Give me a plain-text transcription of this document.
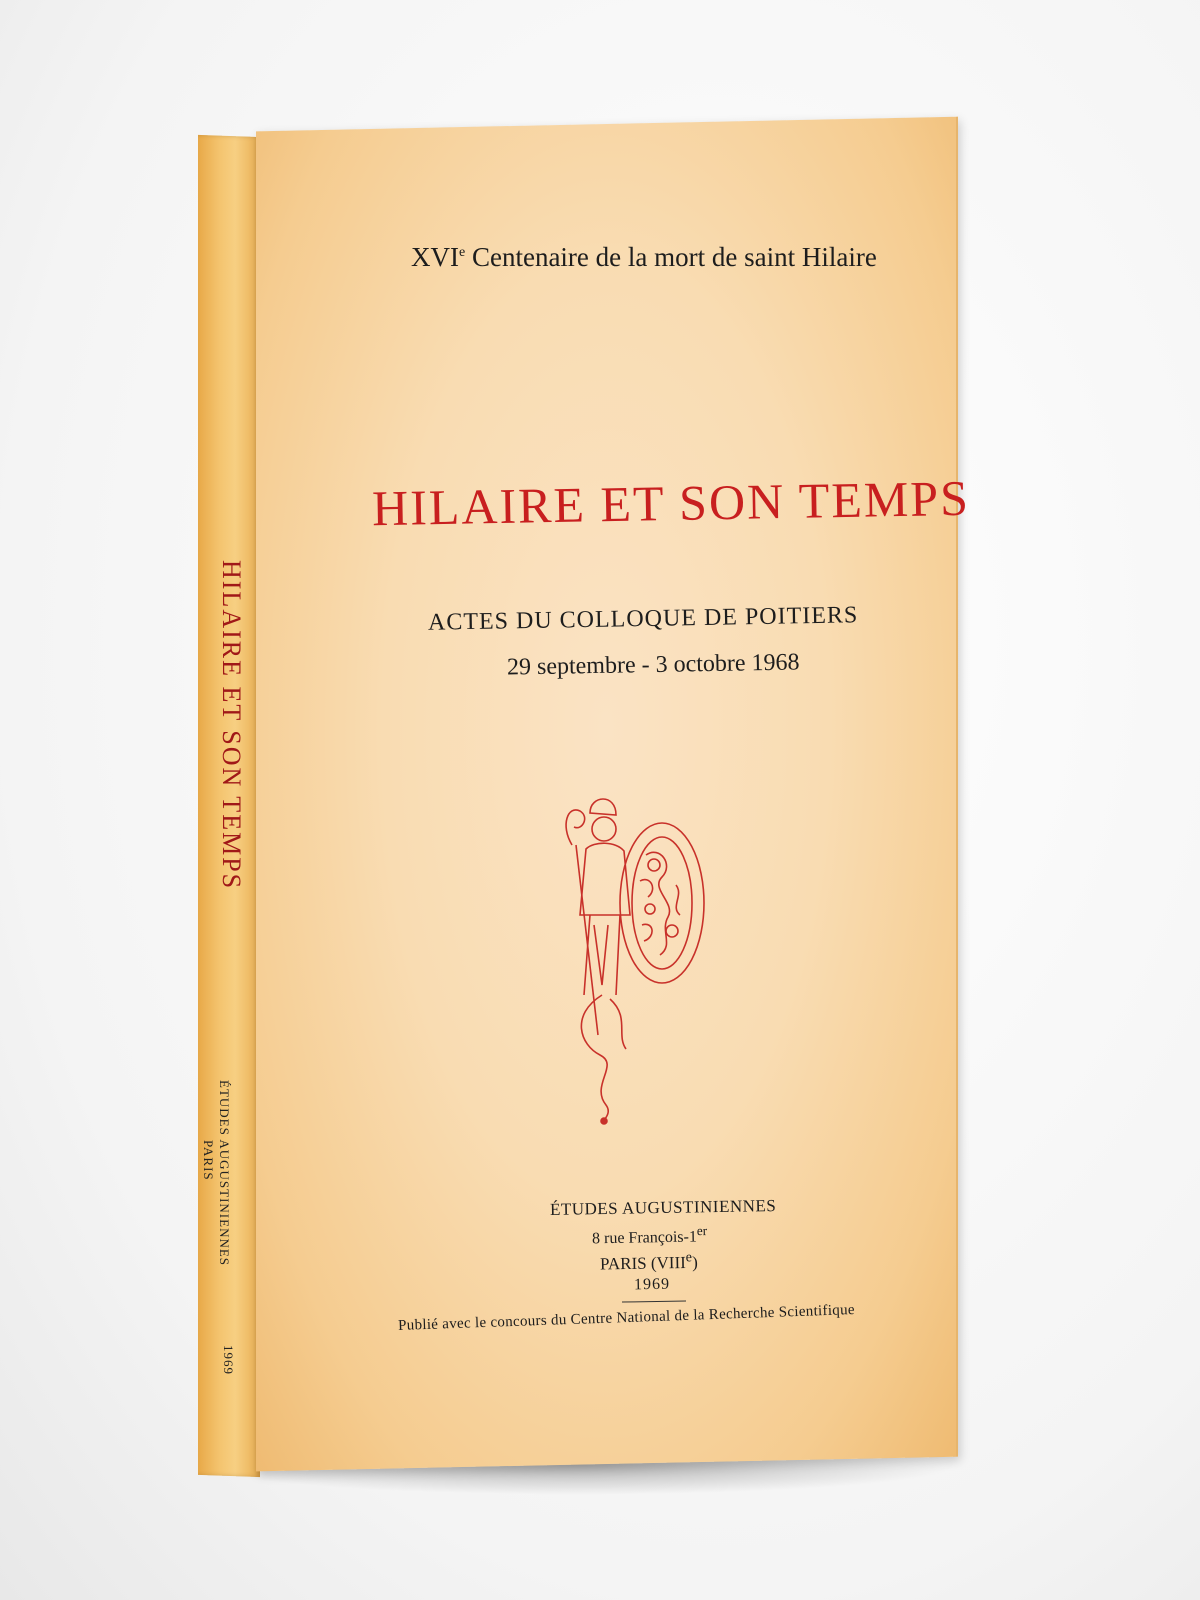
HILAIRE ET SON TEMPS
ÉTUDES AUGUSTINIENNES
PARIS
1969
XVIe Centenaire de la mort de saint Hilaire
HILAIRE ET SON TEMPS
ACTES DU COLLOQUE DE POITIERS
29 septembre - 3 octobre 1968
ÉTUDES AUGUSTINIENNES
8 rue François-1er
PARIS (VIIIe)
1969
Publié avec le concours du Centre National de la Recherche Scientifique
